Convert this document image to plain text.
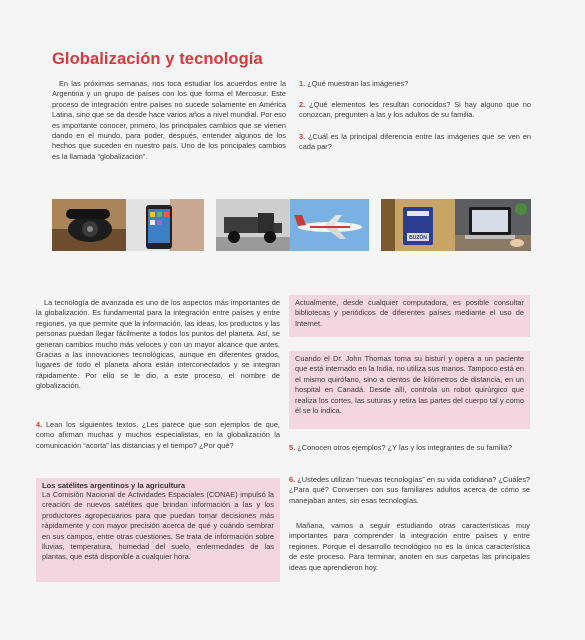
Globalización y tecnología

En las próximas semanas, nos toca estudiar los acuerdos entre la Argentina y un grupo de países con los que forma el Mercosur. Este proceso de integración entre países no sucede solamente en América Latina, sino que se da desde hace varios años a nivel mundial. Por eso es importante conocer, primero, los principales cambios que se vienen dando en el mundo, para poder, después, entender algunos de los hechos que suceden en nuestro país. Uno de los principales cambios es la llamada “globalización”.

1. ¿Qué muestran las imágenes?

2. ¿Qué elementos les resultan conocidos? Si hay alguno que no conozcan, pregunten a las y los adultos de su familia.

3. ¿Cuál es la principal diferencia entre las imágenes que se ven en cada par?

BUZÓN

La tecnología de avanzada es uno de los aspectos más importantes de la globalización. Es fundamental para la integración entre países y entre regiones, ya que permite que la información, las ideas, los productos y las personas puedan llegar fácilmente a todos los puntos del planeta. Así, se generan cambios mucho más veloces y con un mayor alcance que antes. Gracias a las innovaciones tecnológicas, aunque en diferentes grados, lugares de todo el planeta ahora están interconectados y se integran rápidamente. Por ello se le dio, a este proceso, el nombre de globalización.

4. Lean los siguientes textos. ¿Les parece que son ejemplos de que, como afirman muchas y muchos especialistas, en la globalización la comunicación “acorta” las distancias y el tiempo? ¿Por qué?

Los satélites argentinos y la agricultura

La Comisión Nacional de Actividades Espaciales (CONAE) impulsó la creación de nuevos satélites que brindan información a las y los productores agropecuarios para que puedan tomar decisiones más rápidamente y con mayor precisión acerca de qué y cuándo sembrar en sus campos, entre otras cuestiones. Se trata de información sobre lluvias, temperatura, humedad del suelo, enfermedades de las plantas, que está disponible a cualquier hora.

Actualmente, desde cualquier computadora, es posible consultar bibliotecas y periódicos de diferentes países mediante el uso de Internet.

Cuando el Dr. John Thomas toma su bisturí y opera a un paciente que está internado en la India, no utiliza sus manos. Tampoco está en el mismo quirófano, sino a cientos de kilómetros de distancia, en un hospital en Canadá. Desde allí, controla un robot quirúrgico que realiza los cortes, las suturas y retira las partes del cuerpo tal y como él se lo indica.

5. ¿Conocen otros ejemplos? ¿Y las y los integrantes de su familia?

6. ¿Ustedes utilizan “nuevas tecnologías” en su vida cotidiana? ¿Cuáles? ¿Para qué? Conversen con sus familiares adultos acerca de cómo se manejaban antes, sin esas tecnologías.

Mañana, vamos a seguir estudiando otras características muy importantes para comprender la integración entre países y entre regiones. Porque el desarrollo tecnológico no es la única característica de este proceso. Para terminar, anoten en sus carpetas las principales ideas que aprendieron hoy.
